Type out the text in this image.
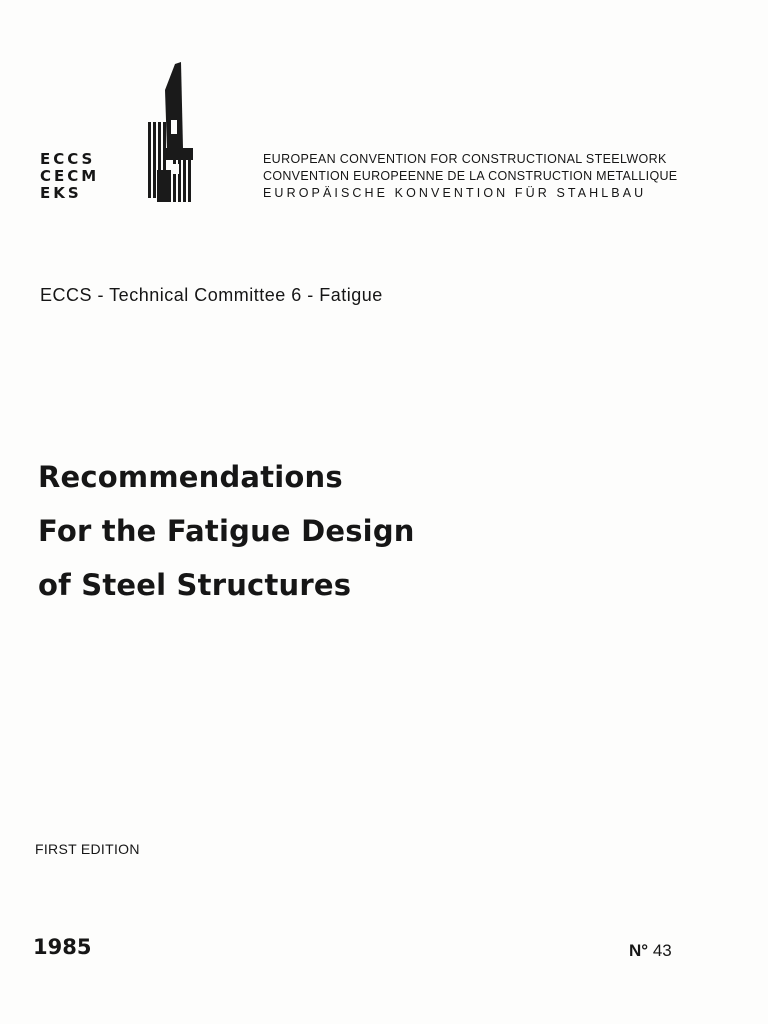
ECCS
CECM
EKS
EUROPEAN CONVENTION FOR CONSTRUCTIONAL STEELWORK
CONVENTION EUROPEENNE DE LA CONSTRUCTION METALLIQUE
EUROPÄISCHE KONVENTION FÜR STAHLBAU
ECCS - Technical Committee 6 - Fatigue
Recommendations
For the Fatigue Design
of Steel Structures
FIRST EDITION
1985	N° 43
